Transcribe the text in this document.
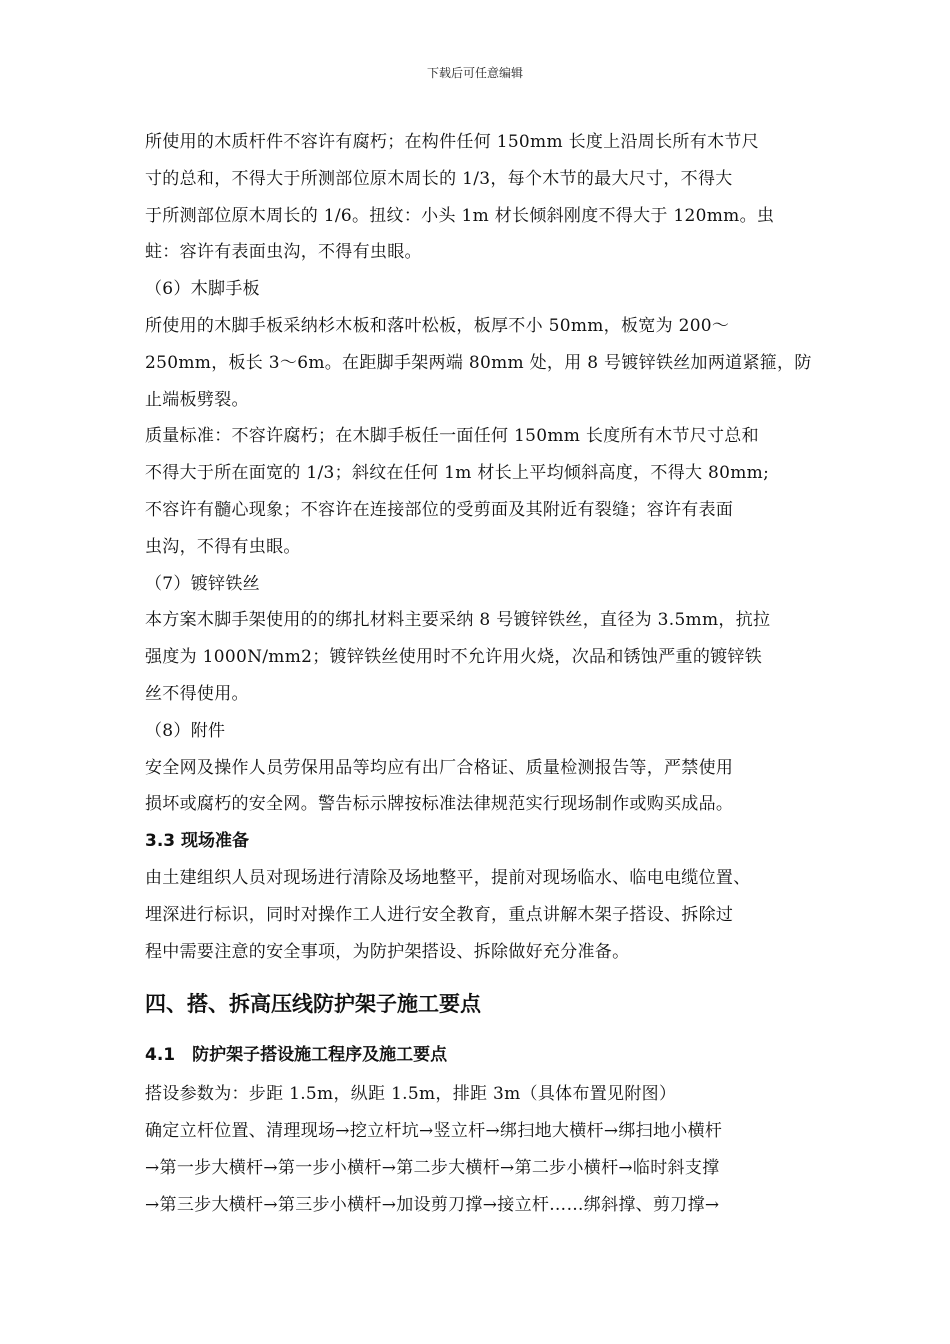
下载后可任意编辑
所使用的木质杆件不容许有腐朽；在构件任何 150mm 长度上沿周长所有木节尺
寸的总和，不得大于所测部位原木周长的 1/3，每个木节的最大尺寸，不得大
于所测部位原木周长的 1/6。扭纹：小头 1m 材长倾斜刚度不得大于 120mm。虫
蛀：容许有表面虫沟，不得有虫眼。
（6）木脚手板
所使用的木脚手板采纳杉木板和落叶松板，板厚不小 50mm，板宽为 200～
250mm，板长 3～6m。在距脚手架两端 80mm 处，用 8 号镀锌铁丝加两道紧箍，防
止端板劈裂。
质量标准：不容许腐朽；在木脚手板任一面任何 150mm 长度所有木节尺寸总和
不得大于所在面宽的 1/3；斜纹在任何 1m 材长上平均倾斜高度，不得大 80mm;
不容许有髓心现象；不容许在连接部位的受剪面及其附近有裂缝；容许有表面
虫沟，不得有虫眼。
（7）镀锌铁丝
本方案木脚手架使用的的绑扎材料主要采纳 8 号镀锌铁丝，直径为 3.5mm，抗拉
强度为 1000N/mm2；镀锌铁丝使用时不允许用火烧，次品和锈蚀严重的镀锌铁
丝不得使用。
（8）附件
安全网及操作人员劳保用品等均应有出厂合格证、质量检测报告等，严禁使用
损坏或腐朽的安全网。警告标示牌按标准法律规范实行现场制作或购买成品。
3.3 现场准备
由土建组织人员对现场进行清除及场地整平，提前对现场临水、临电电缆位置、
埋深进行标识，同时对操作工人进行安全教育，重点讲解木架子搭设、拆除过
程中需要注意的安全事项，为防护架搭设、拆除做好充分准备。
四、搭、拆高压线防护架子施工要点
4.1　防护架子搭设施工程序及施工要点
搭设参数为：步距 1.5m，纵距 1.5m，排距 3m（具体布置见附图）
确定立杆位置、清理现场→挖立杆坑→竖立杆→绑扫地大横杆→绑扫地小横杆
→第一步大横杆→第一步小横杆→第二步大横杆→第二步小横杆→临时斜支撑
→第三步大横杆→第三步小横杆→加设剪刀撑→接立杆……绑斜撑、剪刀撑→
